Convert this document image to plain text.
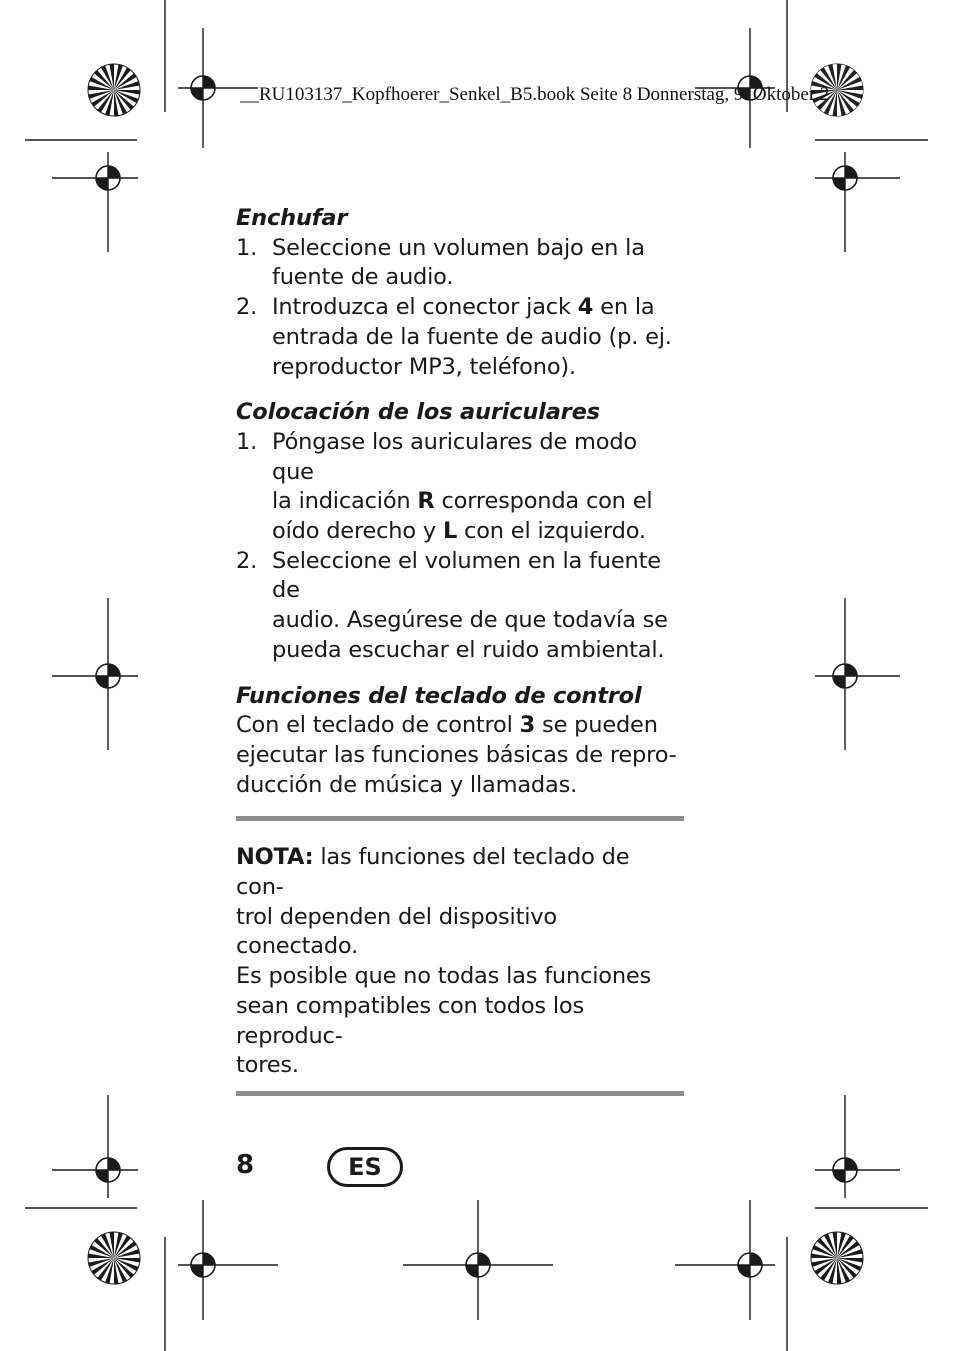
__RU103137_Kopfhoerer_Senkel_B5.book Seite 8 Donnerstag, 9. Oktober 2

Enchufar

1. Seleccione un volumen bajo en la
fuente de audio.
2. Introduzca el conector jack 4 en la
entrada de la fuente de audio (p. ej.
reproductor MP3, teléfono).

Colocación de los auriculares

1. Póngase los auriculares de modo que
la indicación R corresponda con el
oído derecho y L con el izquierdo.
2. Seleccione el volumen en la fuente de
audio. Asegúrese de que todavía se
pueda escuchar el ruido ambiental.

Funciones del teclado de control

Con el teclado de control 3 se pueden
ejecutar las funciones básicas de repro-
ducción de música y llamadas.
NOTA: las funciones del teclado de con-
trol dependen del dispositivo conectado.
Es posible que no todas las funciones
sean compatibles con todos los reproduc-
tores.
8	ES
